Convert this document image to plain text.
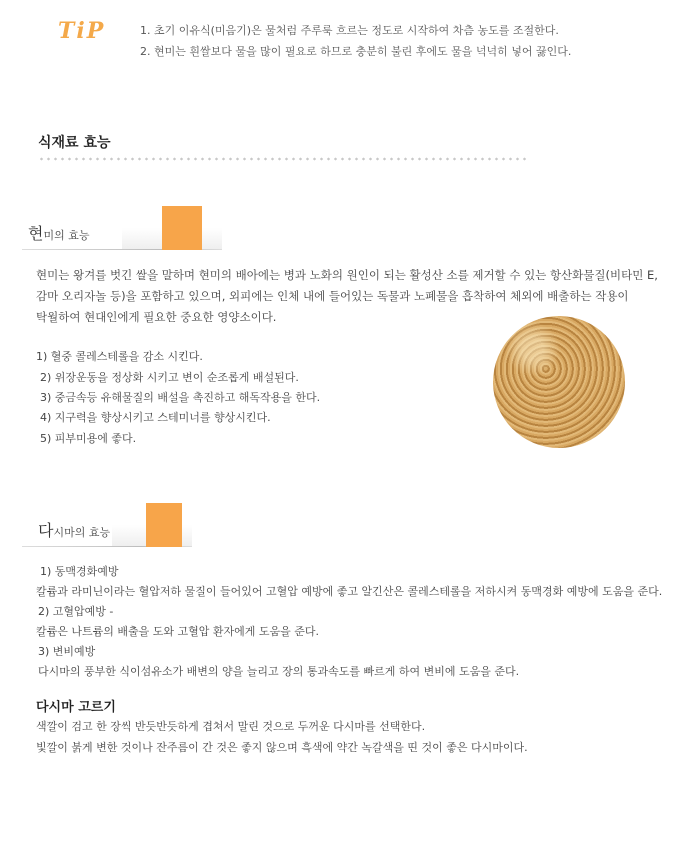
TiP	1. 초기 이유식(미음기)은 물처럼 주루룩 흐르는 정도로 시작하여 차츰 농도를 조절한다.
2. 현미는 흰쌀보다 물을 많이 필요로 하므로 충분히 불린 후에도 물을 넉넉히 넣어 끓인다.
식재료 효능
현미의 효능
현미는 왕겨를 벗긴 쌀을 말하며 현미의 배아에는 병과 노화의 원인이 되는 활성산 소를 제거할 수 있는 항산화물질(비타민 E,
감마 오리자놀 등)을 포함하고 있으며, 외피에는 인체 내에 들어있는 독물과 노폐물을 흡착하여 체외에 배출하는 작용이
탁월하여 현대인에게 필요한 중요한 영양소이다.
1) 혈중 콜레스테롤을 감소 시킨다.
2) 위장운동을 정상화 시키고 변이 순조롭게 배설된다.
3) 중금속등 유해물질의 배설을 촉진하고 해독작용을 한다.
4) 지구력을 향상시키고 스테미너를 향상시킨다.
5) 피부미용에 좋다.
다시마의 효능
1) 동맥경화예방
칼륨과 라미닌이라는 혈압저하 물질이 들어있어 고혈압 예방에 좋고 알긴산은 콜레스테롤을 저하시켜 동맥경화 예방에 도움을 준다.
2) 고혈압예방 -
칼륨은 나트륨의 배출을 도와 고혈압 환자에게 도움을 준다.
3) 변비예방
다시마의 풍부한 식이섬유소가 배변의 양을 늘리고 장의 통과속도를 빠르게 하여 변비에 도움을 준다.
다시마 고르기
색깔이 검고 한 장씩 반듯반듯하게 겹쳐서 말린 것으로 두꺼운 다시마를 선택한다.
빛깔이 붉게 변한 것이나 잔주름이 간 것은 좋지 않으며 흑색에 약간 녹갈색을 띤 것이 좋은 다시마이다.
